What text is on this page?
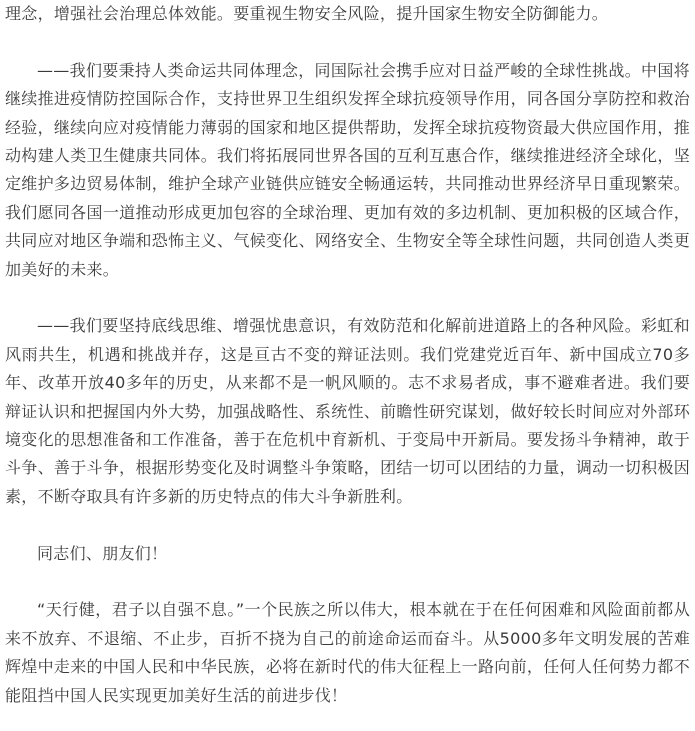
理念，增强社会治理总体效能。要重视生物安全风险，提升国家生物安全防御能力。

——我们要秉持人类命运共同体理念，同国际社会携手应对日益严峻的全球性挑战。中国将继续推进疫情防控国际合作，支持世界卫生组织发挥全球抗疫领导作用，同各国分享防控和救治经验，继续向应对疫情能力薄弱的国家和地区提供帮助，发挥全球抗疫物资最大供应国作用，推动构建人类卫生健康共同体。我们将拓展同世界各国的互利互惠合作，继续推进经济全球化，坚定维护多边贸易体制，维护全球产业链供应链安全畅通运转，共同推动世界经济早日重现繁荣。我们愿同各国一道推动形成更加包容的全球治理、更加有效的多边机制、更加积极的区域合作，共同应对地区争端和恐怖主义、气候变化、网络安全、生物安全等全球性问题，共同创造人类更加美好的未来。

——我们要坚持底线思维、增强忧患意识，有效防范和化解前进道路上的各种风险。彩虹和风雨共生，机遇和挑战并存，这是亘古不变的辩证法则。我们党建党近百年、新中国成立70多年、改革开放40多年的历史，从来都不是一帆风顺的。志不求易者成，事不避难者进。我们要辩证认识和把握国内外大势，加强战略性、系统性、前瞻性研究谋划，做好较长时间应对外部环境变化的思想准备和工作准备，善于在危机中育新机、于变局中开新局。要发扬斗争精神，敢于斗争、善于斗争，根据形势变化及时调整斗争策略，团结一切可以团结的力量，调动一切积极因素，不断夺取具有许多新的历史特点的伟大斗争新胜利。

同志们、朋友们！

“天行健，君子以自强不息。”一个民族之所以伟大，根本就在于在任何困难和风险面前都从来不放弃、不退缩、不止步，百折不挠为自己的前途命运而奋斗。从5000多年文明发展的苦难辉煌中走来的中国人民和中华民族，必将在新时代的伟大征程上一路向前，任何人任何势力都不能阻挡中国人民实现更加美好生活的前进步伐！
